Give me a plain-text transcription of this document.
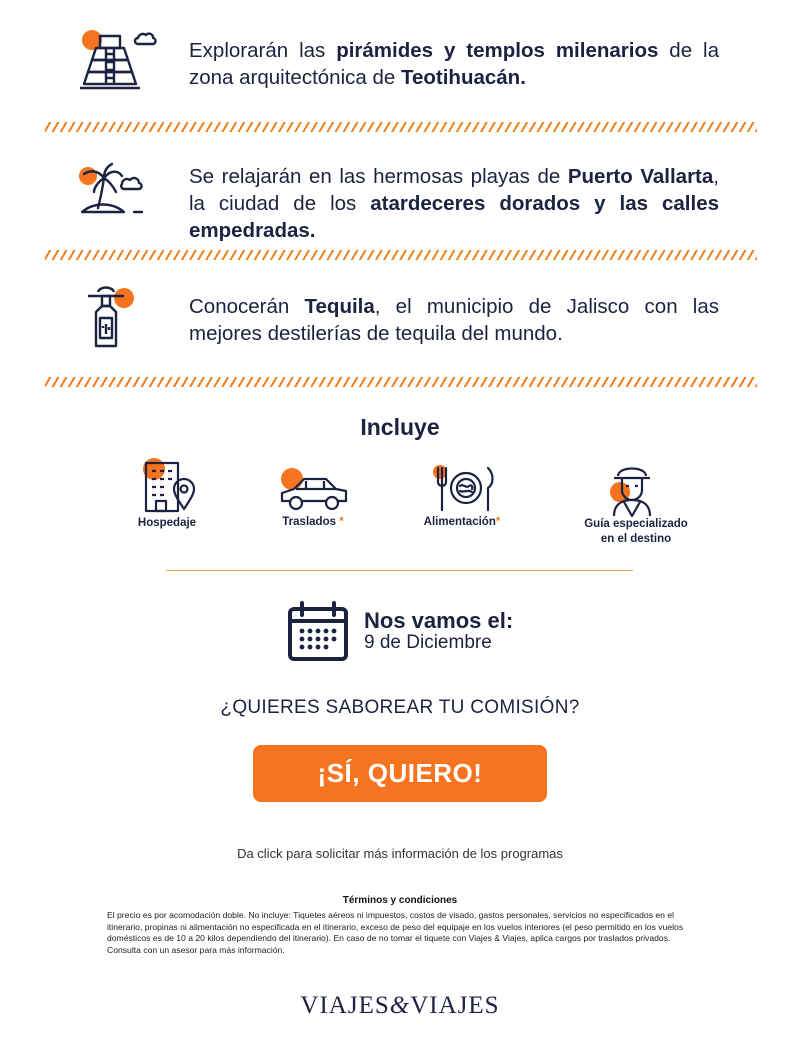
Explorarán las pirámides y templos milenarios de la zona arquitectónica de Teotihuacán.
Se relajarán en las hermosas playas de Puerto Vallarta, la ciudad de los atardeceres dorados y las calles empedradas.
Conocerán Tequila, el municipio de Jalisco con las mejores destilerías de tequila del mundo.
Incluye
Hospedaje	Traslados *	Alimentación*	Guía especializado
en el destino
Nos vamos el:
9 de Diciembre
¿QUIERES SABOREAR TU COMISIÓN?
¡SÍ, QUIERO!
Da click para solicitar más información de los programas
Términos y condiciones
El precio es por acomodación doble. No incluye: Tiquetes aéreos ni impuestos, costos de visado, gastos personales, servicios no especificados en el itinerario, propinas ni alimentación no especificada en el itinerario, exceso de peso del equipaje en los vuelos interiores (el peso permitido en los vuelos domésticos es de 10 a 20 kilos dependiendo del itinerario). En caso de no tomar el tiquete con Viajes & Viajes, aplica cargos por traslados privados. Consulta con un asesor para más información.
VIAJES&VIAJES
